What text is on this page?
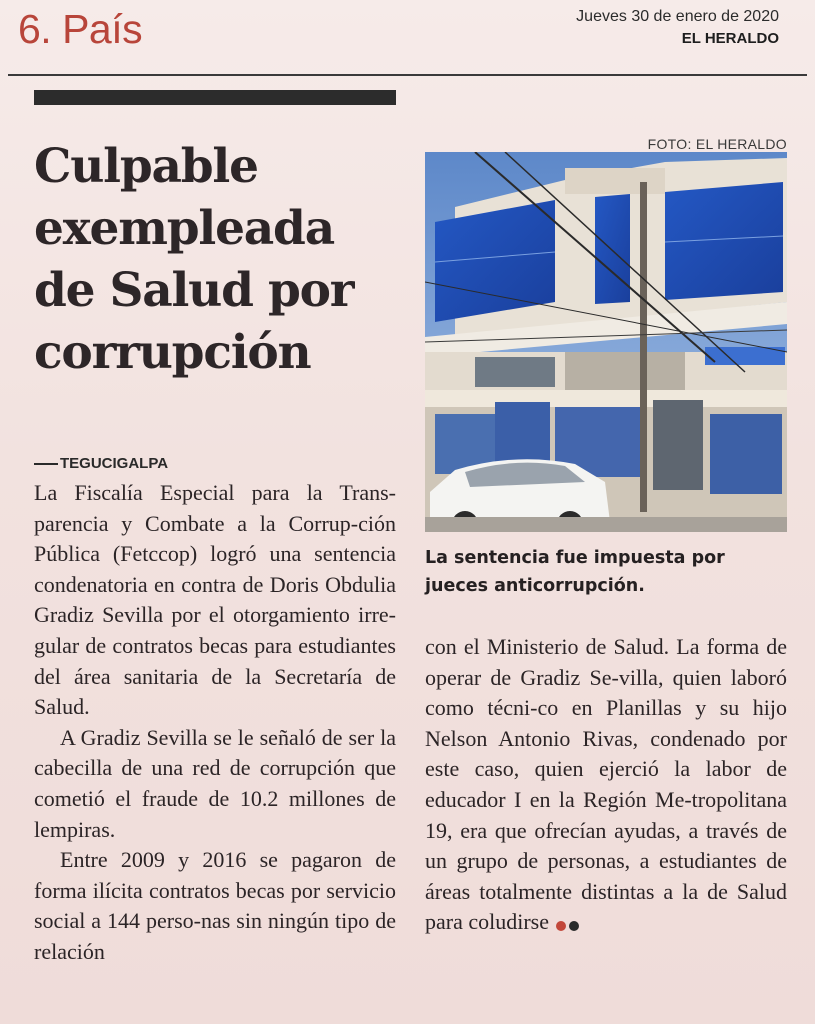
6. País	Jueves 30 de enero de 2020
EL HERALDO
Culpable
exempleada
de Salud por
corrupción
FOTO: EL HERALDO
La sentencia fue impuesta por
jueces anticorrupción.
TEGUCIGALPA

La Fiscalía Especial para la Trans-parencia y Combate a la Corrup-ción Pública (Fetccop) logró una sentencia condenatoria en contra de Doris Obdulia Gradiz Sevilla por el otorgamiento irre-gular de contratos becas para estudiantes del área sanitaria de la Secretaría de Salud.

A Gradiz Sevilla se le señaló de ser la cabecilla de una red de corrupción que cometió el fraude de 10.2 millones de lempiras.

Entre 2009 y 2016 se pagaron de forma ilícita contratos becas por servicio social a 144 perso-nas sin ningún tipo de relación

con el Ministerio de Salud. La forma de operar de Gradiz Se-villa, quien laboró como técni-co en Planillas y su hijo Nelson Antonio Rivas, condenado por este caso, quien ejerció la labor de educador I en la Región Me-tropolitana 19, era que ofrecían ayudas, a través de un grupo de personas, a estudiantes de áreas totalmente distintas a la de Salud para coludirse
